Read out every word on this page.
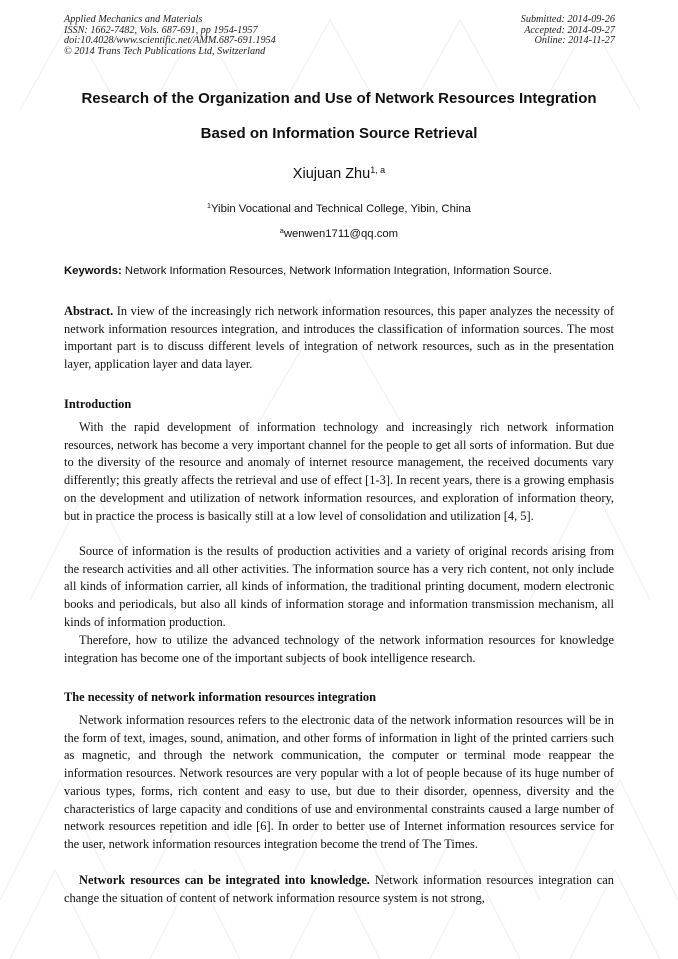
Applied Mechanics and Materials
ISSN: 1662-7482, Vols. 687-691, pp 1954-1957
doi:10.4028/www.scientific.net/AMM.687-691.1954
© 2014 Trans Tech Publications Ltd, Switzerland
Submitted: 2014-09-26
Accepted: 2014-09-27
Online: 2014-11-27
Research of the Organization and Use of Network Resources Integration
Based on Information Source Retrieval
Xiujuan Zhu$^{1, a}$
$^1$Yibin Vocational and Technical College, Yibin, China
$^a$wenwen1711@qq.com
Keywords: Network Information Resources, Network Information Integration, Information Source.

Abstract. In view of the increasingly rich network information resources, this paper analyzes the necessity of network information resources integration, and introduces the classification of information sources. The most important part is to discuss different levels of integration of network resources, such as in the presentation layer, application layer and data layer.

Introduction

With the rapid development of information technology and increasingly rich network information resources, network has become a very important channel for the people to get all sorts of information. But due to the diversity of the resource and anomaly of internet resource management, the received documents vary differently; this greatly affects the retrieval and use of effect [1-3]. In recent years, there is a growing emphasis on the development and utilization of network information resources, and exploration of information theory, but in practice the process is basically still at a low level of consolidation and utilization [4, 5].

Source of information is the results of production activities and a variety of original records arising from the research activities and all other activities. The information source has a very rich content, not only include all kinds of information carrier, all kinds of information, the traditional printing document, modern electronic books and periodicals, but also all kinds of information storage and information transmission mechanism, all kinds of information production.

Therefore, how to utilize the advanced technology of the network information resources for knowledge integration has become one of the important subjects of book intelligence research.

The necessity of network information resources integration

Network information resources refers to the electronic data of the network information resources will be in the form of text, images, sound, animation, and other forms of information in light of the printed carriers such as magnetic, and through the network communication, the computer or terminal mode reappear the information resources. Network resources are very popular with a lot of people because of its huge number of various types, forms, rich content and easy to use, but due to their disorder, openness, diversity and the characteristics of large capacity and conditions of use and environmental constraints caused a large number of network resources repetition and idle [6]. In order to better use of Internet information resources service for the user, network information resources integration become the trend of The Times.

Network resources can be integrated into knowledge. Network information resources integration can change the situation of content of network information resource system is not strong,
